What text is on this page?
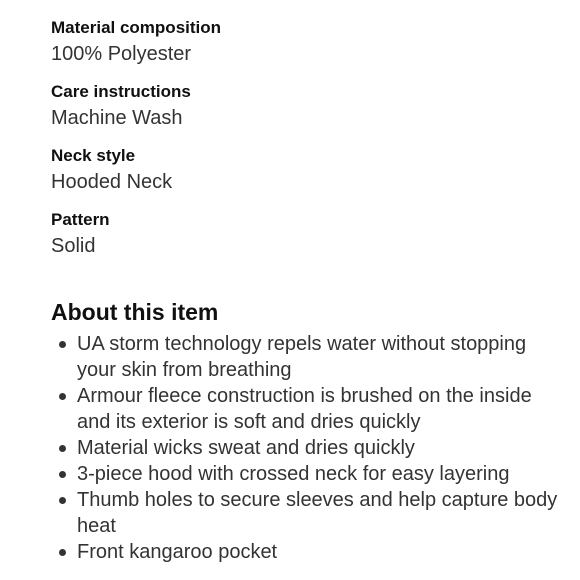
Material composition
100% Polyester
Care instructions
Machine Wash
Neck style
Hooded Neck
Pattern
Solid
About this item
UA storm technology repels water without stopping your skin from breathing
Armour fleece construction is brushed on the inside and its exterior is soft and dries quickly
Material wicks sweat and dries quickly
3-piece hood with crossed neck for easy layering
Thumb holes to secure sleeves and help capture body heat
Front kangaroo pocket
